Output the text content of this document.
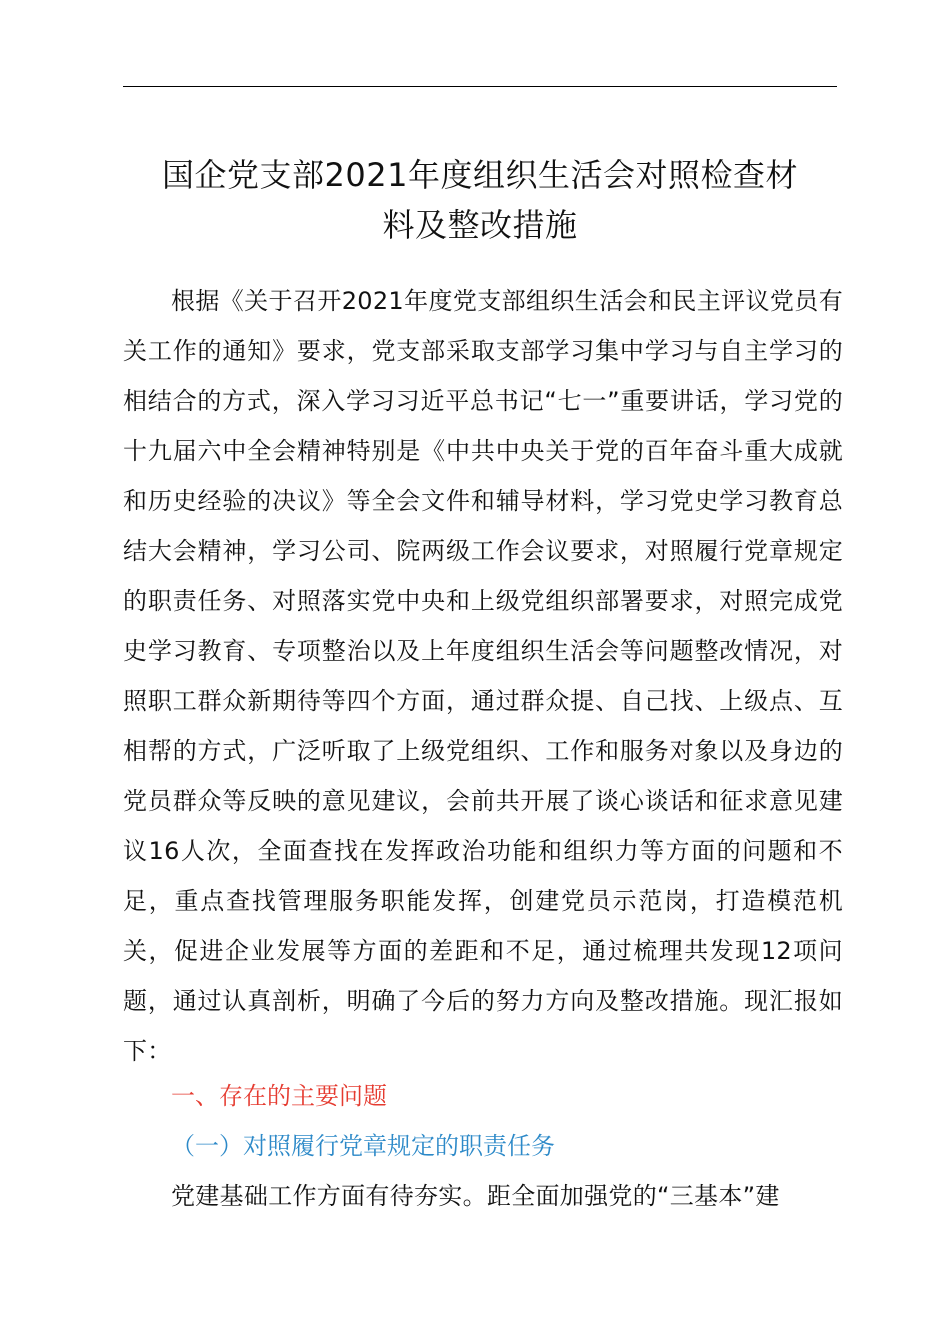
国企党支部2021年度组织生活会对照检查材
料及整改措施

根据《关于召开2021年度党支部组织生活会和民主评议党员有关工作的通知》要求，党支部采取支部学习集中学习与自主学习的相结合的方式，深入学习习近平总书记“七一”重要讲话，学习党的十九届六中全会精神特别是《中共中央关于党的百年奋斗重大成就和历史经验的决议》等全会文件和辅导材料，学习党史学习教育总结大会精神，学习公司、院两级工作会议要求，对照履行党章规定的职责任务、对照落实党中央和上级党组织部署要求，对照完成党史学习教育、专项整治以及上年度组织生活会等问题整改情况，对照职工群众新期待等四个方面，通过群众提、自己找、上级点、互相帮的方式，广泛听取了上级党组织、工作和服务对象以及身边的党员群众等反映的意见建议，会前共开展了谈心谈话和征求意见建议16人次，全面查找在发挥政治功能和组织力等方面的问题和不足，重点查找管理服务职能发挥，创建党员示范岗，打造模范机关，促进企业发展等方面的差距和不足，通过梳理共发现12项问题，通过认真剖析，明确了今后的努力方向及整改措施。现汇报如下：

一、存在的主要问题
（一）对照履行党章规定的职责任务

党建基础工作方面有待夯实。距全面加强党的“三基本”建
